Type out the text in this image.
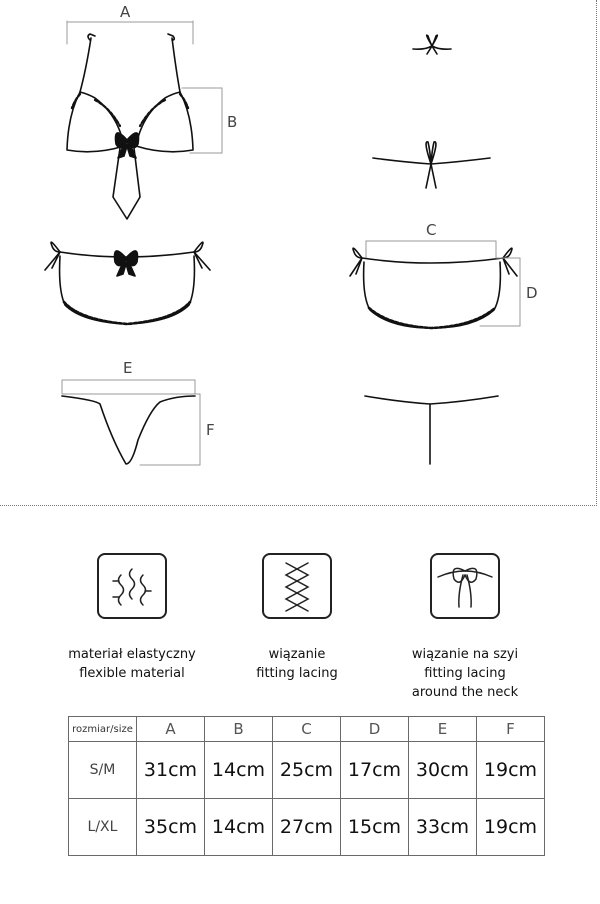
A
B
C
D
E
F
materiał elastyczny
flexible material
wiązanie
fitting lacing
wiązanie na szyi
fitting lacing
around the neck
rozmiar/size	A	B	C	D	E	F
S/M	31cm	14cm	25cm	17cm	30cm	19cm
L/XL	35cm	14cm	27cm	15cm	33cm	19cm
